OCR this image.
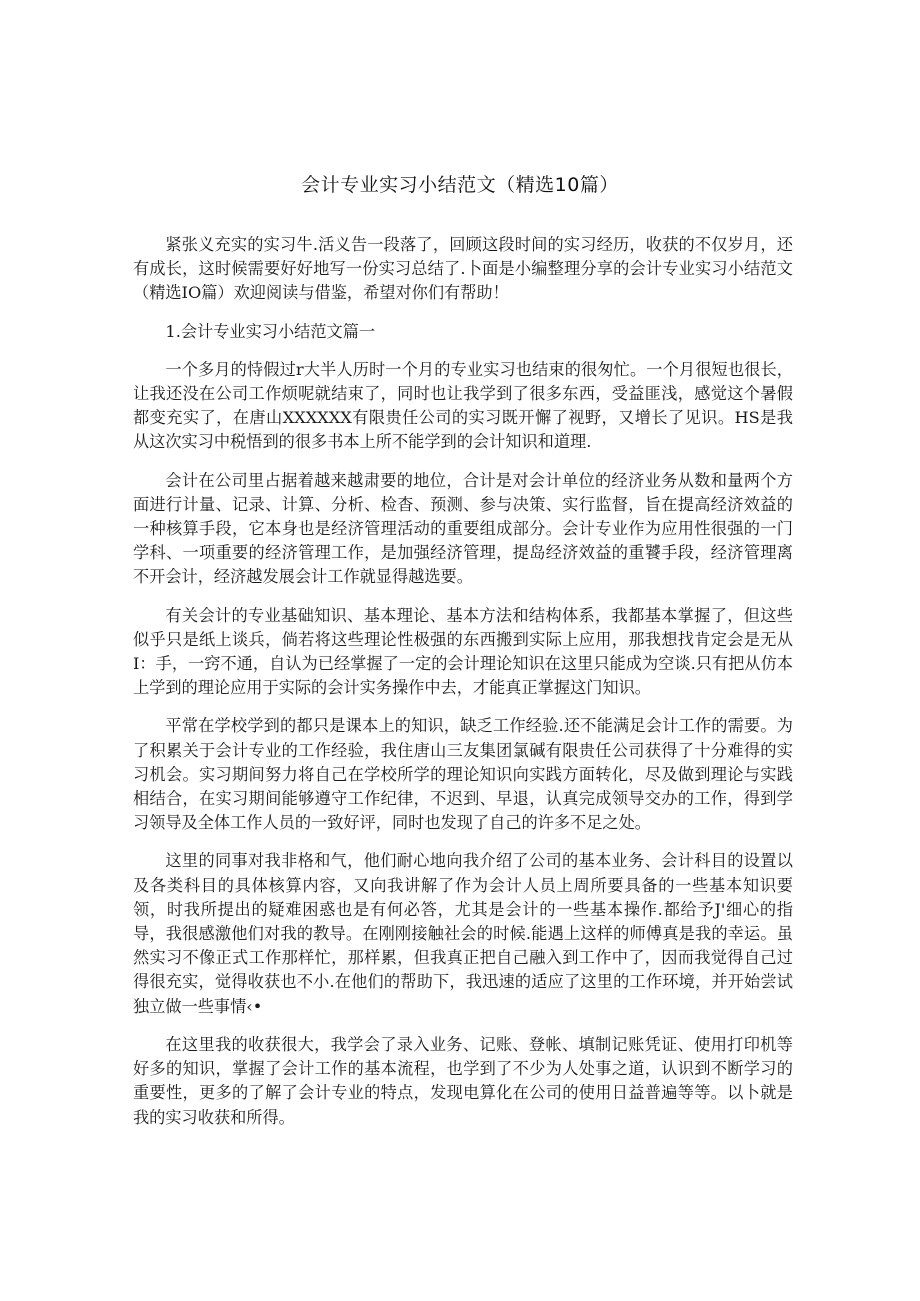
会计专业实习小结范文（精选10篇）

紧张义充实的实习牛.活义告一段落了，回顾这段时间的实习经历，收获的不仅岁月，还有成长，这时候需要好好地写一份实习总结了.卜面是小编整理分享的会计专业实习小结范文（精选IO篇）欢迎阅读与借鉴，希望对你们有帮助！

1.会计专业实习小结范文篇一

一个多月的恃假过r大半人历时一个月的专业实习也结束的很匆忙。一个月很短也很长，让我还没在公司工作烦呢就结束了，同时也让我学到了很多东西，受益匪浅，感觉这个暑假都变充实了，在唐山XXXXXX有限贵任公司的实习既开懈了视野，又增长了见识。HS是我从这次实习中税悟到的很多书本上所不能学到的会计知识和道理.

会计在公司里占据着越来越肃要的地位，合计是对会计单位的经济业务从数和量两个方面进行计量、记录、计算、分析、检杳、预测、参与决策、实行监督，旨在提高经济效益的一种核算手段，它本身也是经济管理活动的重要组成部分。会计专业作为应用性很强的一门学科、一项重要的经济管理工作，是加强经济管理，提岛经济效益的重饕手段，经济管理离不开会计，经济越发展会计工作就显得越选要。

有关会计的专业基础知识、基本理论、基本方法和结构体系，我都基本掌握了，但这些似乎只是纸上谈兵，倘若将这些理论性极强的东西搬到实际上应用，那我想找肯定会是无从I：手，一窍不通，自认为已经掌握了一定的会计理论知识在这里只能成为空谈.只有把从仿本上学到的理论应用于实际的会计实务操作中去，才能真正掌握这门知识。

平常在学校学到的都只是课本上的知识，缺乏工作经验.还不能满足会计工作的需要。为了积累关于会计专业的工作经验，我住唐山三友集团氯碱有限贵任公司获得了十分难得的实习机会。实习期间努力将自己在学校所学的理论知识向实践方面转化，尽及做到理论与实践相结合，在实习期间能够遵守工作纪律，不迟到、早退，认真完成领导交办的工作，得到学习领导及全体工作人员的一致好评，同时也发现了自己的许多不足之处。

这里的同事对我非格和气，他们耐心地向我介绍了公司的基本业务、会计科目的设置以及各类科目的具体核算内容，又向我讲解了作为会计人员上周所要具备的一些基本知识要领，时我所提出的疑难困惑也是有何必答，尤其是会计的一些基本操作.都给予J'细心的指导，我很感激他们对我的教导。在刚刚接触社会的时候.能遇上这样的师傅真是我的幸运。虽然实习不像正式工作那样忙，那样累，但我真正把自己融入到工作中了，因而我觉得自己过得很充实，觉得收获也不小.在他们的帮助下，我迅速的适应了这里的工作环境，并开始尝试独立做一些事情‹•

在这里我的收获很大，我学会了录入业务、记账、登帐、填制记账凭证、使用打印机等好多的知识，掌握了会计工作的基本流程，也学到了不少为人处事之道，认识到不断学习的重要性，更多的了解了会计专业的特点，发现电算化在公司的使用日益普遍等等。以卜就是我的实习收获和所得。
